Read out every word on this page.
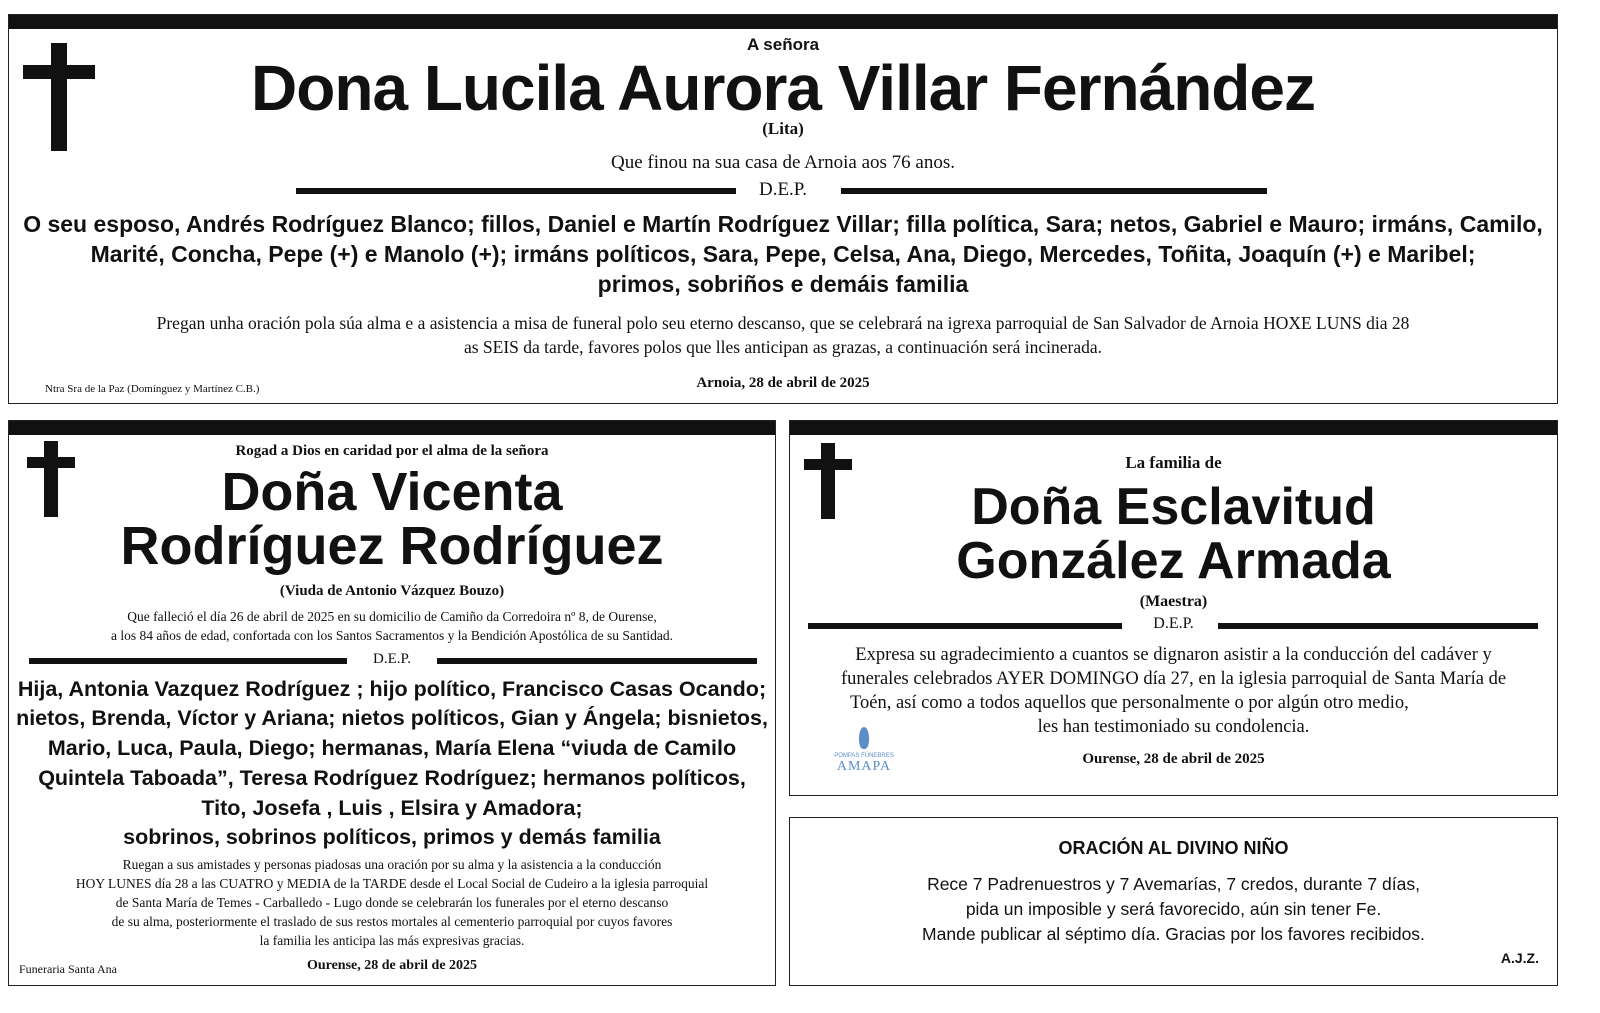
A señora
Dona Lucila Aurora Villar Fernández
(Lita)
Que finou na sua casa de Arnoia aos 76 anos.
D.E.P.
O seu esposo, Andrés Rodríguez Blanco; fillos, Daniel e Martín Rodríguez Villar; filla política, Sara; netos, Gabriel e Mauro; irmáns, Camilo,
Marité, Concha, Pepe (+) e Manolo (+); irmáns políticos, Sara, Pepe, Celsa, Ana, Diego, Mercedes, Toñita, Joaquín (+) e Maribel;
primos, sobriños e demáis familia
Pregan unha oración pola súa alma e a asistencia a misa de funeral polo seu eterno descanso, que se celebrará na igrexa parroquial de San Salvador de Arnoia HOXE LUNS dia 28
as SEIS da tarde, favores polos que lles anticipan as grazas, a continuación será incinerada.
Ntra Sra de la Paz (Domínguez y Martínez C.B.)	Arnoia, 28 de abril de 2025
Rogad a Dios en caridad por el alma de la señora
Doña Vicenta
Rodríguez Rodríguez
(Viuda de Antonio Vázquez Bouzo)
Que falleció el día 26 de abril de 2025 en su domicilio de Camiño da Corredoira nº 8, de Ourense,
a los 84 años de edad, confortada con los Santos Sacramentos y la Bendición Apostólica de su Santidad.
D.E.P.
Hija, Antonia Vazquez Rodríguez ; hijo político, Francisco Casas Ocando;
nietos, Brenda, Víctor y Ariana; nietos políticos, Gian y Ángela; bisnietos,
Mario, Luca, Paula, Diego; hermanas, María Elena “viuda de Camilo
Quintela Taboada”, Teresa Rodríguez Rodríguez; hermanos políticos,
Tito, Josefa , Luis , Elsira y Amadora;
sobrinos, sobrinos políticos, primos y demás familia
Ruegan a sus amistades y personas piadosas una oración por su alma y la asistencia a la conducción
HOY LUNES día 28 a las CUATRO y MEDIA de la TARDE desde el Local Social de Cudeiro a la iglesia parroquial
de Santa María de Temes - Carballedo - Lugo donde se celebrarán los funerales por el eterno descanso
de su alma, posteriormente el traslado de sus restos mortales al cementerio parroquial por cuyos favores
la familia les anticipa las más expresivas gracias.
Funeraria Santa Ana	Ourense, 28 de abril de 2025
La familia de
Doña Esclavitud
González Armada
(Maestra)
D.E.P.
Expresa su agradecimiento a cuantos se dignaron asistir a la conducción del cadáver y
funerales celebrados AYER DOMINGO día 27, en la iglesia parroquial de Santa María de
Toén, así como a todos aquellos que personalmente o por algún otro medio,
les han testimoniado su condolencia.
POMPAS FÚNEBRES
AMAPA	Ourense, 28 de abril de 2025
ORACIÓN AL DIVINO NIÑO
Rece 7 Padrenuestros y 7 Avemarías, 7 credos, durante 7 días,
pida un imposible y será favorecido, aún sin tener Fe.
Mande publicar al séptimo día. Gracias por los favores recibidos.
A.J.Z.
